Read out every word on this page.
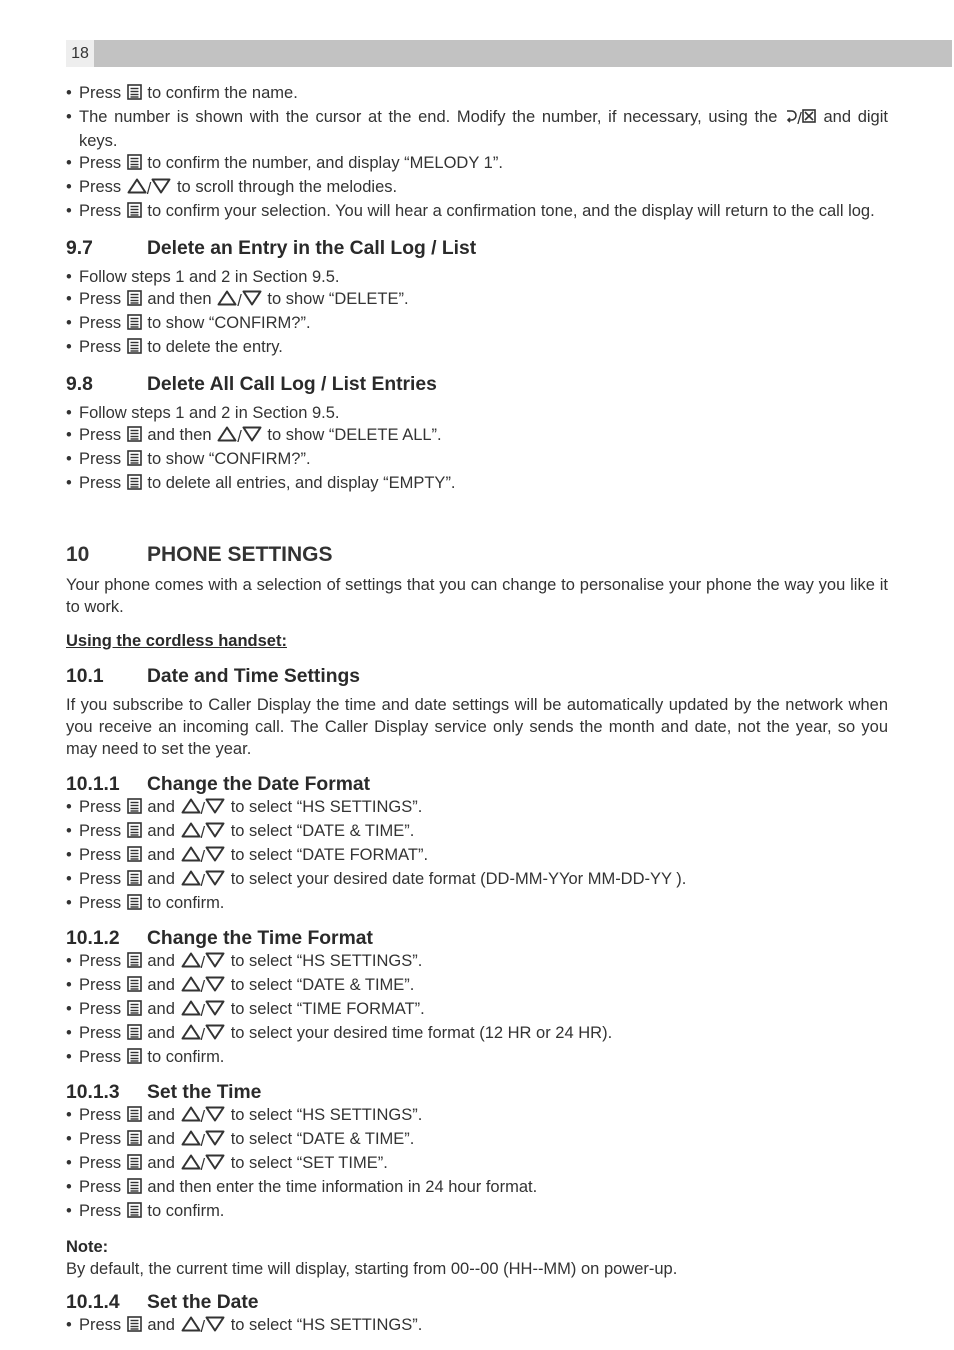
18

• Press to confirm the name.

• The number is shown with the cursor at the end. Modify the number, if necessary, using the / and digit keys.

• Press to confirm the number, and display “MELODY 1”.

• Press / to scroll through the melodies.

• Press to confirm your selection. You will hear a confirmation tone, and the display will return to the call log.

9.7	Delete an Entry in the Call Log / List

• Follow steps 1 and 2 in Section 9.5.

• Press and then / to show “DELETE”.

• Press to show “CONFIRM?”.

• Press to delete the entry.

9.8	Delete All Call Log / List Entries

• Follow steps 1 and 2 in Section 9.5.

• Press and then / to show “DELETE ALL”.

• Press to show “CONFIRM?”.

• Press to delete all entries, and display “EMPTY”.

10	PHONE SETTINGS

Your phone comes with a selection of settings that you can change to personalise your phone the way you like it to work.

Using the cordless handset:

10.1	Date and Time Settings

If you subscribe to Caller Display the time and date settings will be automatically updated by the network when you receive an incoming call. The Caller Display service only sends the month and date, not the year, so you may need to set the year.

10.1.1	Change the Date Format

• Press and / to select “HS SETTINGS”.

• Press and / to select “DATE & TIME”.

• Press and / to select “DATE FORMAT”.

• Press and / to select your desired date format (DD-MM-YYor MM-DD-YY ).

• Press to confirm.

10.1.2	Change the Time Format

• Press and / to select “HS SETTINGS”.

• Press and / to select “DATE & TIME”.

• Press and / to select “TIME FORMAT”.

• Press and / to select your desired time format (12 HR or 24 HR).

• Press to confirm.

10.1.3	Set the Time

• Press and / to select “HS SETTINGS”.

• Press and / to select “DATE & TIME”.

• Press and / to select “SET TIME”.

• Press and then enter the time information in 24 hour format.

• Press to confirm.

Note:

By default, the current time will display, starting from 00--00 (HH--MM) on power-up.

10.1.4	Set the Date

• Press and / to select “HS SETTINGS”.
